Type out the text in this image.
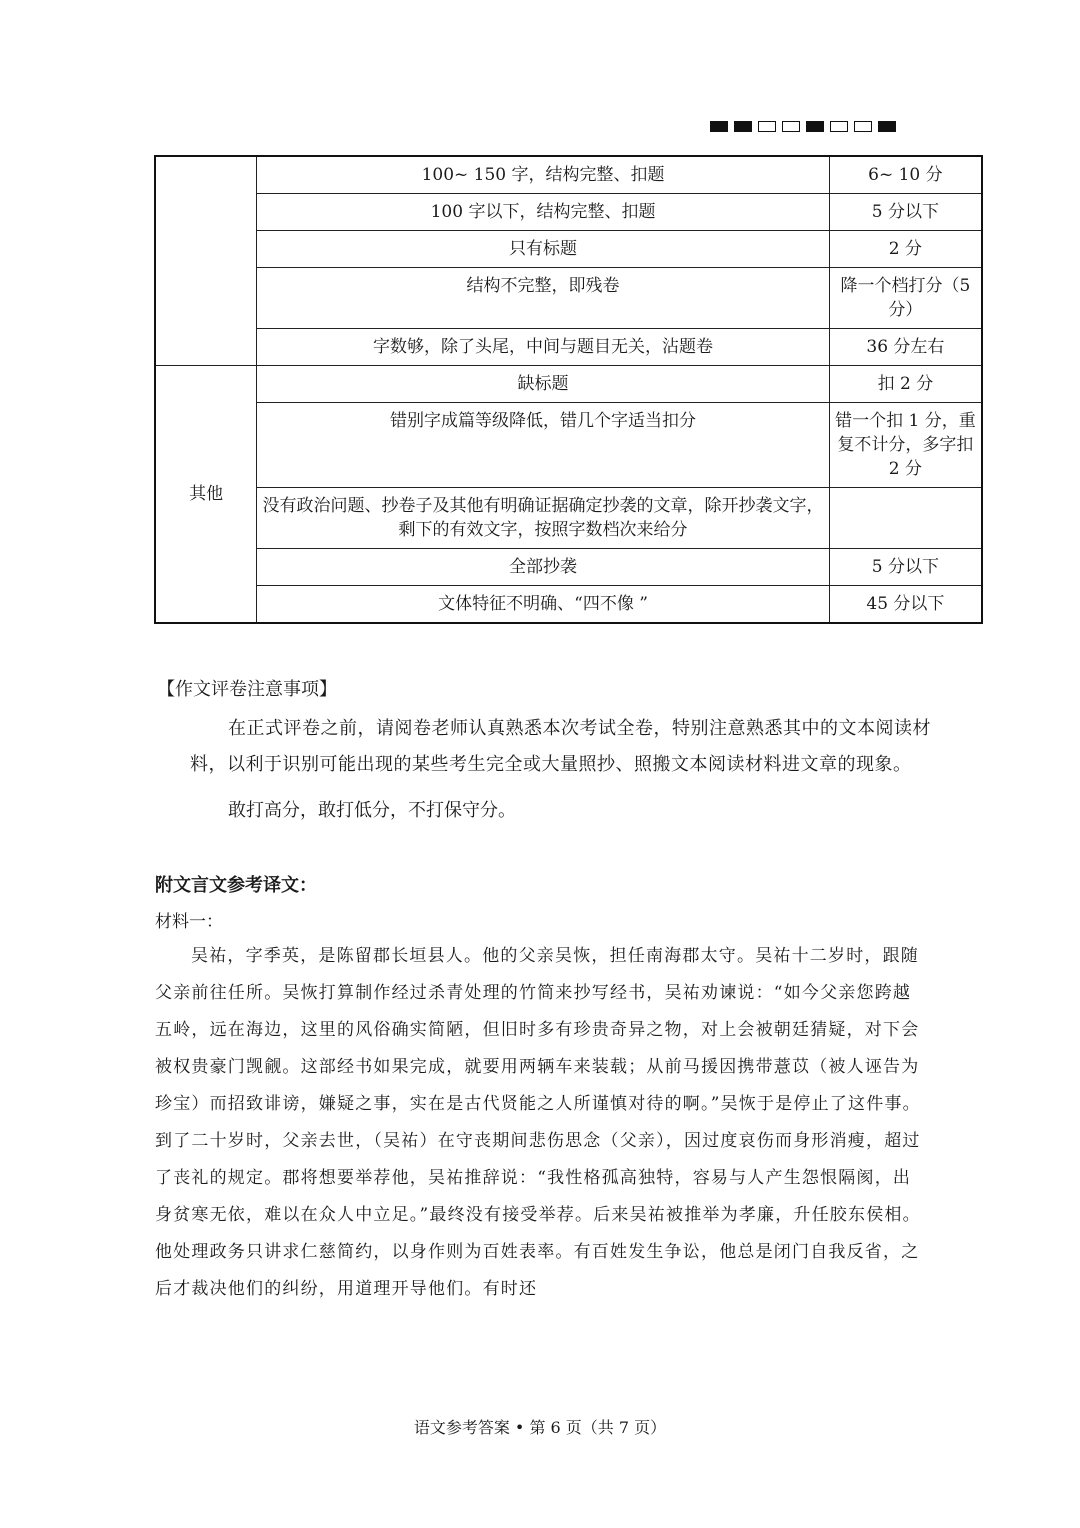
	100~ 150 字，结构完整、扣题	6~ 10 分
	100 字以下，结构完整、扣题	5 分以下
	只有标题	2 分
	结构不完整，即残卷	降一个档打分（5分）
	字数够，除了头尾，中间与题目无关，沾题卷	36 分左右
其他	缺标题	扣 2 分
	错别字成篇等级降低，错几个字适当扣分	错一个扣 1 分，重复不计分，多字扣 2 分
	没有政治问题、抄卷子及其他有明确证据确定抄袭的文章，除开抄袭文字，剩下的有效文字，按照字数档次来给分	
	全部抄袭	5 分以下
	文体特征不明确、“四不像 ”	45 分以下
【作文评卷注意事项】
在正式评卷之前，请阅卷老师认真熟悉本次考试全卷，特别注意熟悉其中的文本阅读材料，以利于识别可能出现的某些考生完全或大量照抄、照搬文本阅读材料进文章的现象。
敢打高分，敢打低分，不打保守分。
附文言文参考译文：
材料一：
吴祐，字季英，是陈留郡长垣县人。他的父亲吴恢，担任南海郡太守。吴祐十二岁时，跟随父亲前往任所。吴恢打算制作经过杀青处理的竹简来抄写经书，吴祐劝谏说：“如今父亲您跨越五岭，远在海边，这里的风俗确实简陋，但旧时多有珍贵奇异之物，对上会被朝廷猜疑，对下会被权贵豪门觊觎。这部经书如果完成，就要用两辆车来装载；从前马援因携带薏苡（被人诬告为珍宝）而招致诽谤，嫌疑之事，实在是古代贤能之人所谨慎对待的啊。”吴恢于是停止了这件事。到了二十岁时，父亲去世，（吴祐）在守丧期间悲伤思念（父亲），因过度哀伤而身形消瘦，超过了丧礼的规定。郡将想要举荐他，吴祐推辞说：“我性格孤高独特，容易与人产生怨恨隔阂，出身贫寒无依，难以在众人中立足。”最终没有接受举荐。后来吴祐被推举为孝廉，升任胶东侯相。他处理政务只讲求仁慈简约，以身作则为百姓表率。有百姓发生争讼，他总是闭门自我反省，之后才裁决他们的纠纷，用道理开导他们。有时还
语文参考答案 • 第 6 页（共 7 页）
